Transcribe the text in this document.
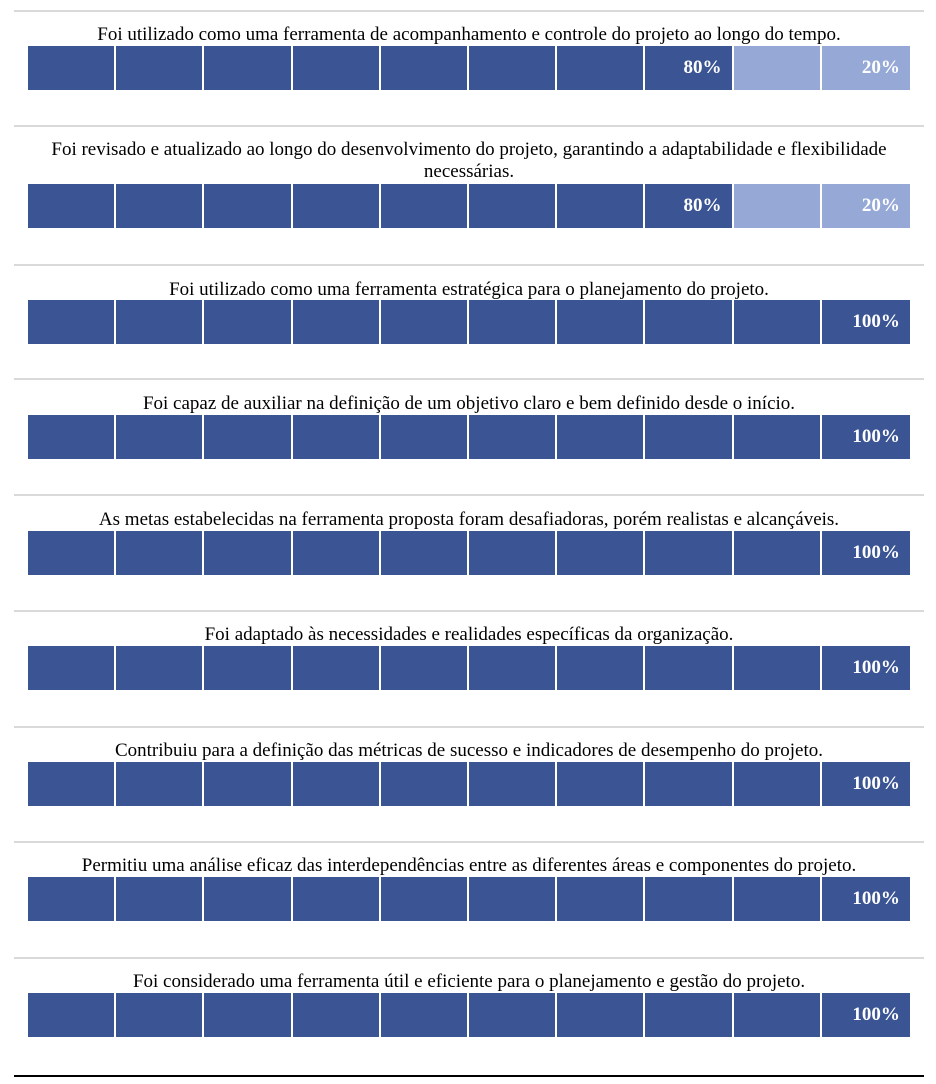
Foi utilizado como uma ferramenta de acompanhamento e controle do projeto ao longo do tempo.
80%	20%
Foi revisado e atualizado ao longo do desenvolvimento do projeto, garantindo a adaptabilidade e flexibilidade necessárias.
80%	20%
Foi utilizado como uma ferramenta estratégica para o planejamento do projeto.
100%
Foi capaz de auxiliar na definição de um objetivo claro e bem definido desde o início.
100%
As metas estabelecidas na ferramenta proposta foram desafiadoras, porém realistas e alcançáveis.
100%
Foi adaptado às necessidades e realidades específicas da organização.
100%
Contribuiu para a definição das métricas de sucesso e indicadores de desempenho do projeto.
100%
Permitiu uma análise eficaz das interdependências entre as diferentes áreas e componentes do projeto.
100%
Foi considerado uma ferramenta útil e eficiente para o planejamento e gestão do projeto.
100%
